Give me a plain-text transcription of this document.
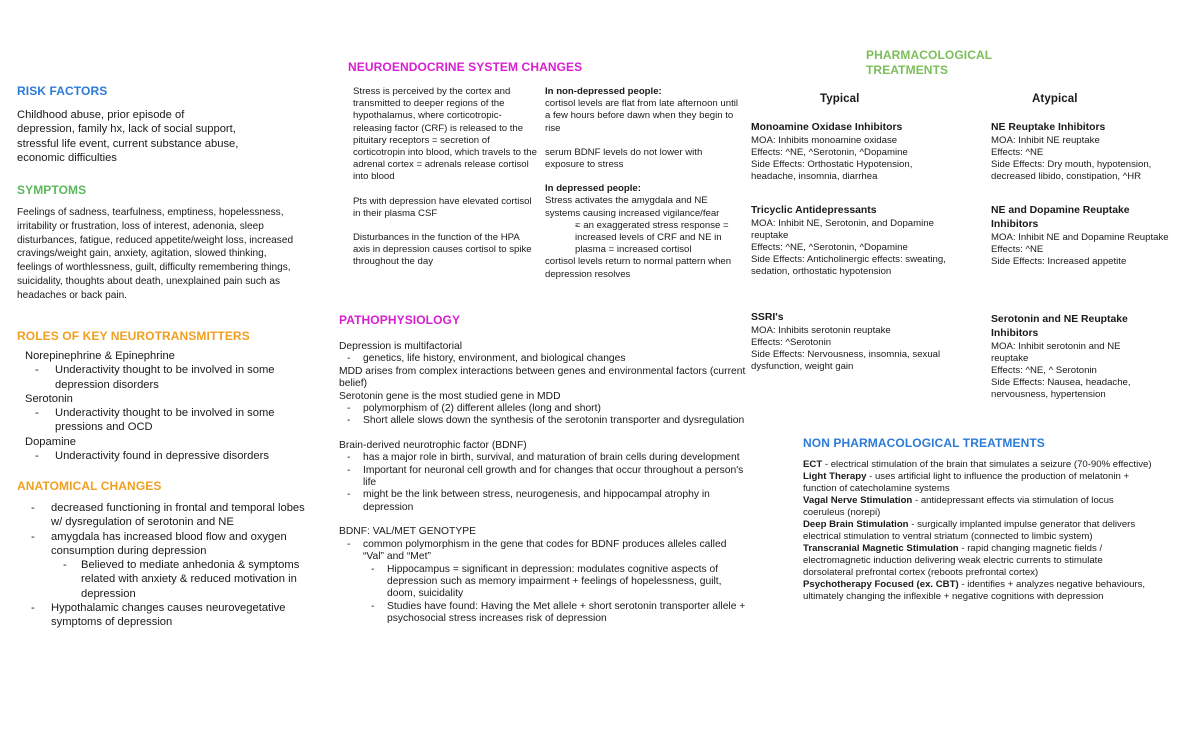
RISK FACTORS

Childhood abuse, prior episode of depression, family hx, lack of social support, stressful life event, current substance abuse, economic difficulties

SYMPTOMS

Feelings of sadness, tearfulness, emptiness, hopelessness, irritability or frustration, loss of interest, adenonia, sleep disturbances, fatigue, reduced appetite/weight loss, increased cravings/weight gain, anxiety, agitation, slowed thinking, feelings of worthlessness, guilt, difficulty remembering things, suicidality, thoughts about death, unexplained pain such as headaches or back pain.

ROLES OF KEY NEUROTRANSMITTERS

Norepinephrine & Epinephrine

- Underactivity thought to be involved in some depression disorders

Serotonin

- Underactivity thought to be involved in some pressions and OCD

Dopamine

- Underactivity found in depressive disorders
ANATOMICAL CHANGES
- decreased functioning in frontal and temporal lobes w/ dysregulation of serotonin and NE
- amygdala has increased blood flow and oxygen consumption during depression
- Believed to mediate anhedonia & symptoms related with anxiety & reduced motivation in depression
- Hypothalamic changes causes neurovegetative symptoms of depression
NEUROENDOCRINE SYSTEM CHANGES

Stress is perceived by the cortex and transmitted to deeper regions of the hypothalamus, where corticotropic-releasing factor (CRF) is released to the pituitary receptors = secretion of corticotropin into blood, which travels to the adrenal cortex = adrenals release cortisol into blood

Pts with depression have elevated cortisol in their plasma CSF

Disturbances in the function of the HPA axis in depression causes cortisol to spike throughout the day

In non-depressed people:

cortisol levels are flat from late afternoon until a few hours before dawn when they begin to rise

serum BDNF levels do not lower with exposure to stress

In depressed people:

Stress activates the amygdala and NE systems causing increased vigilance/fear

- = an exaggerated stress response = increased levels of CRF and NE in plasma = increased cortisol

cortisol levels return to normal pattern when depression resolves

PATHOPHYSIOLOGY

Depression is multifactorial

- genetics, life history, environment, and biological changes

MDD arises from complex interactions between genes and environmental factors (current belief)

Serotonin gene is the most studied gene in MDD

- polymorphism of (2) different alleles (long and short)
- Short allele slows down the synthesis of the serotonin transporter and dysregulation

Brain-derived neurotrophic factor (BDNF)

- has a major role in birth, survival, and maturation of brain cells during development
- Important for neuronal cell growth and for changes that occur throughout a person's life
- might be the link between stress, neurogenesis, and hippocampal atrophy in depression

BDNF: VAL/MET GENOTYPE

- common polymorphism in the gene that codes for BDNF produces alleles called “Val” and “Met”
- Hippocampus = significant in depression: modulates cognitive aspects of depression such as memory impairment + feelings of hopelessness, guilt, doom, suicidality
- Studies have found: Having the Met allele + short serotonin transporter allele + psychosocial stress increases risk of depression
PHARMACOLOGICAL
TREATMENTS
Typical	Atypical

Monoamine Oxidase Inhibitors

MOA: Inhibits monoamine oxidase
Effects: ^NE, ^Serotonin, ^Dopamine
Side Effects: Orthostatic Hypotension, headache, insomnia, diarrhea

Tricyclic Antidepressants

MOA: Inhibit NE, Serotonin, and Dopamine reuptake
Effects: ^NE, ^Serotonin, ^Dopamine
Side Effects: Anticholinergic effects: sweating, sedation, orthostatic hypotension

SSRI's

MOA: Inhibits serotonin reuptake
Effects: ^Serotonin
Side Effects: Nervousness, insomnia, sexual dysfunction, weight gain

NE Reuptake Inhibitors

MOA: Inhibit NE reuptake
Effects: ^NE
Side Effects: Dry mouth, hypotension, decreased libido, constipation, ^HR

NE and Dopamine Reuptake Inhibitors

MOA: Inhibit NE and Dopamine Reuptake
Effects: ^NE
Side Effects: Increased appetite

Serotonin and NE Reuptake Inhibitors

MOA: Inhibit serotonin and NE reuptake
Effects: ^NE, ^ Serotonin
Side Effects: Nausea, headache, nervousness, hypertension

NON PHARMACOLOGICAL TREATMENTS

ECT - electrical stimulation of the brain that simulates a seizure (70-90% effective)

Light Therapy - uses artificial light to influence the production of melatonin + function of catecholamine systems

Vagal Nerve Stimulation - antidepressant effects via stimulation of locus coeruleus (norepi)

Deep Brain Stimulation - surgically implanted impulse generator that delivers electrical stimulation to ventral striatum (connected to limbic system)

Transcranial Magnetic Stimulation - rapid changing magnetic fields / electromagnetic induction delivering weak electric currents to stimulate dorsolateral prefrontal cortex (reboots prefrontal cortex)

Psychotherapy Focused (ex. CBT) - identifies + analyzes negative behaviours, ultimately changing the inflexible + negative cognitions with depression
